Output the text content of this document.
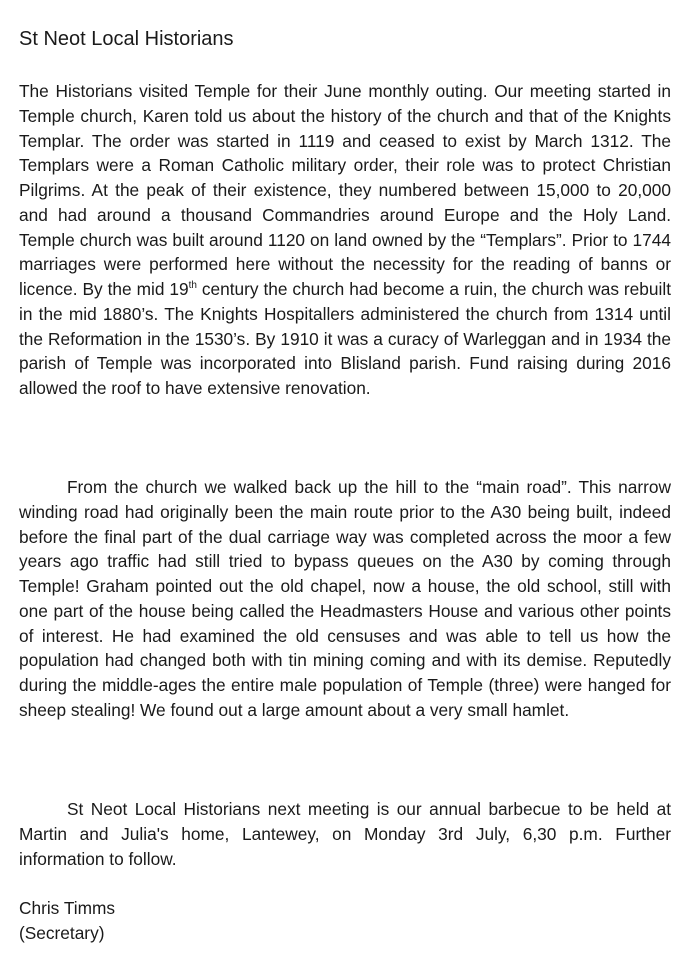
St Neot Local Historians

The Historians visited Temple for their June monthly outing. Our meeting started in Temple church, Karen told us about the history of the church and that of the Knights Templar. The order was started in 1119 and ceased to exist by March 1312. The Templars were a Roman Catholic military order, their role was to protect Christian Pilgrims. At the peak of their existence, they numbered between 15,000 to 20,000 and had around a thousand Commandries around Europe and the Holy Land. Temple church was built around 1120 on land owned by the “Templars”. Prior to 1744 marriages were performed here without the necessity for the reading of banns or licence. By the mid 19th century the church had become a ruin, the church was rebuilt in the mid 1880’s. The Knights Hospitallers administered the church from 1314 until the Reformation in the 1530’s. By 1910 it was a curacy of Warleggan and in 1934 the parish of Temple was incorporated into Blisland parish. Fund raising during 2016 allowed the roof to have extensive renovation.

From the church we walked back up the hill to the “main road”. This narrow winding road had originally been the main route prior to the A30 being built, indeed before the final part of the dual carriage way was completed across the moor a few years ago traffic had still tried to bypass queues on the A30 by coming through Temple! Graham pointed out the old chapel, now a house, the old school, still with one part of the house being called the Headmasters House and various other points of interest. He had examined the old censuses and was able to tell us how the population had changed both with tin mining coming and with its demise. Reputedly during the middle-ages the entire male population of Temple (three) were hanged for sheep stealing! We found out a large amount about a very small hamlet.

St Neot Local Historians next meeting is our annual barbecue to be held at Martin and Julia's home, Lantewey, on Monday 3rd July, 6,30 p.m. Further information to follow.

Chris Timms
(Secretary)
